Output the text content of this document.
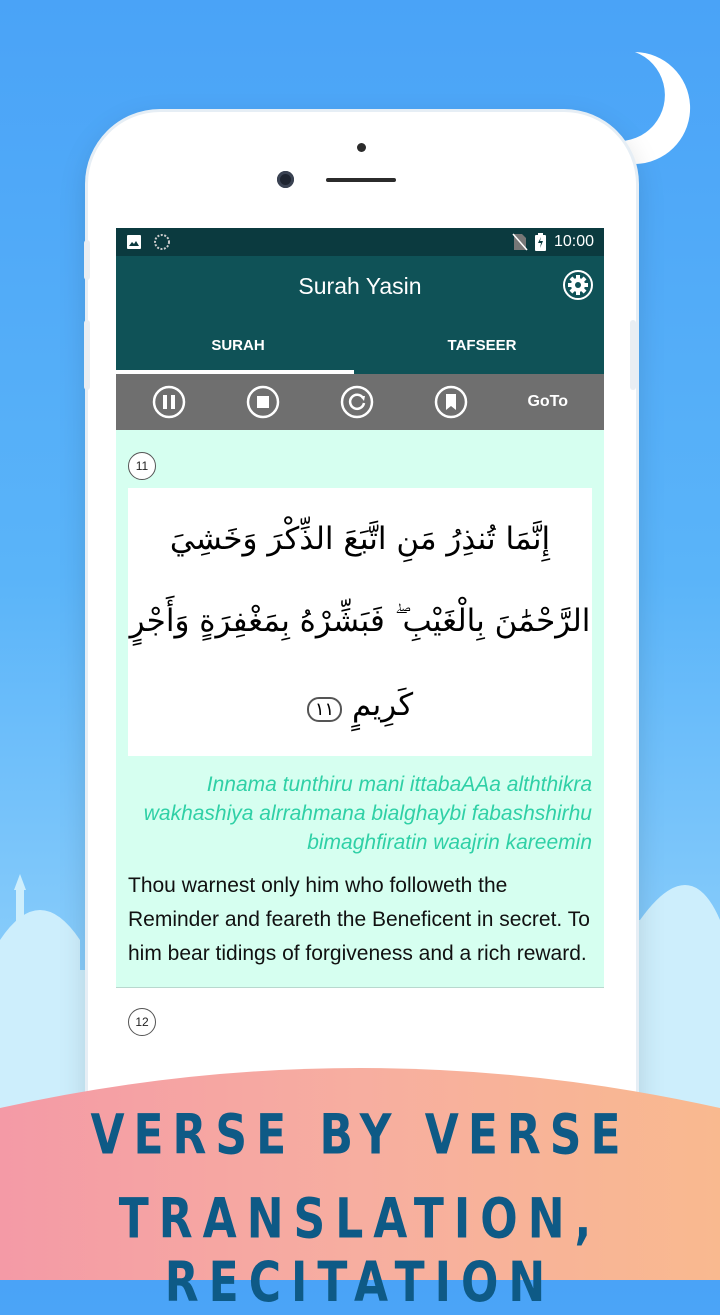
10:00
Surah Yasin
SURAH	TAFSEER
GoTo
11
إِنَّمَا تُنذِرُ مَنِ اتَّبَعَ الذِّكْرَ وَخَشِيَ
الرَّحْمَٰنَ بِالْغَيْبِ ۖ فَبَشِّرْهُ بِمَغْفِرَةٍ وَأَجْرٍ
كَرِيمٍ ١١
Innama tunthiru mani ittabaAAa alththikra wakhashiya alrrahmana bialghaybi fabashshirhu bimaghfiratin waajrin kareemin
Thou warnest only him who followeth the Reminder and feareth the Beneficent in secret. To him bear tidings of forgiveness and a rich reward.
12
VERSE BY VERSE
TRANSLATION, RECITATION
